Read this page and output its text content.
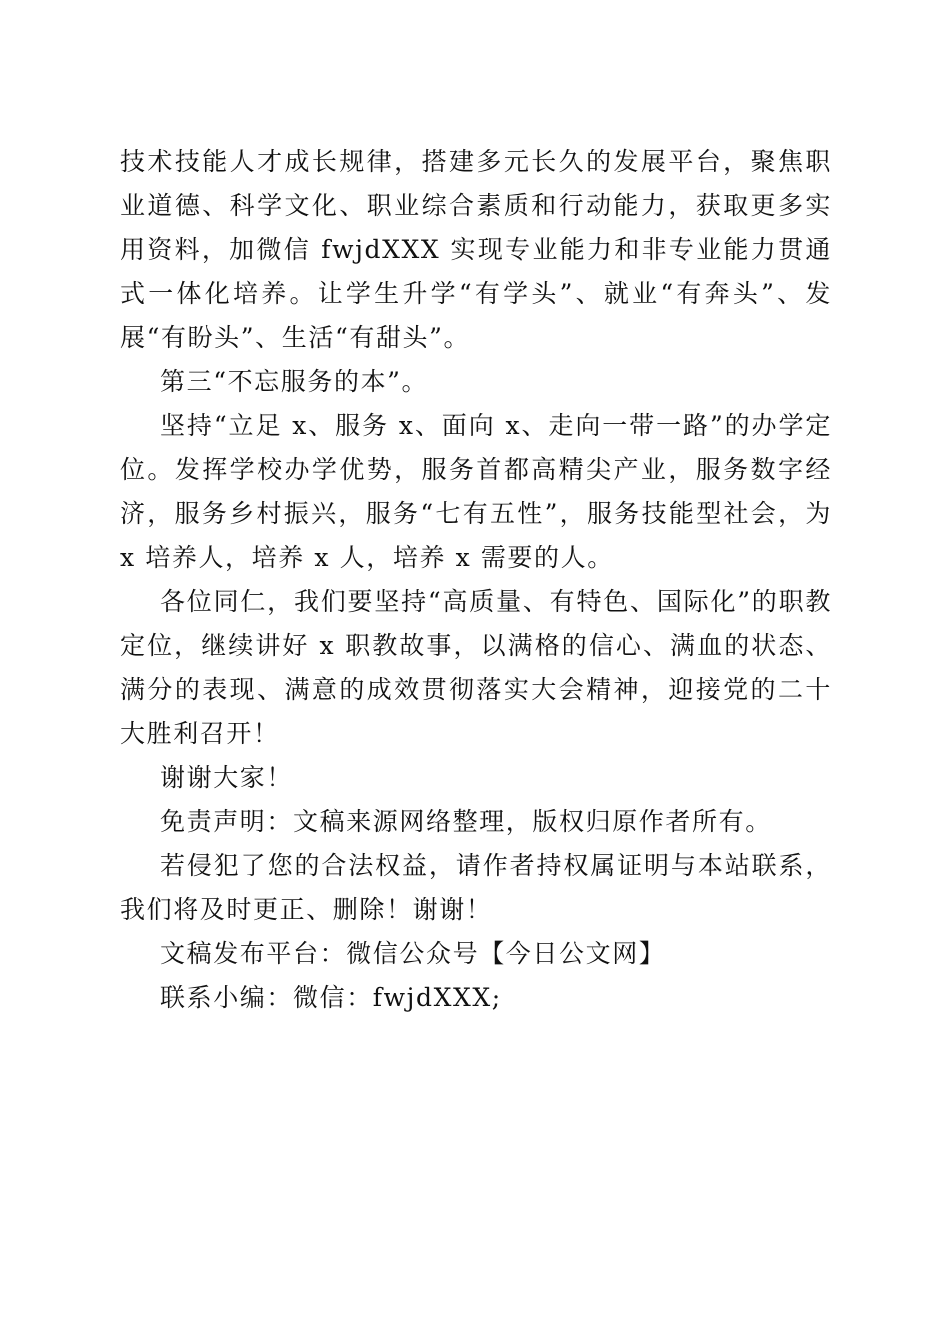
技术技能人才成长规律，搭建多元长久的发展平台，聚焦职业道德、科学文化、职业综合素质和行动能力，获取更多实用资料，加微信 fwjdXXX 实现专业能力和非专业能力贯通式一体化培养。让学生升学“有学头”、就业“有奔头”、发展“有盼头”、生活“有甜头”。

第三“不忘服务的本”。

坚持“立足 x、服务 x、面向 x、走向一带一路”的办学定位。发挥学校办学优势，服务首都高精尖产业，服务数字经济，服务乡村振兴，服务“七有五性”，服务技能型社会，为 x 培养人，培养 x 人，培养 x 需要的人。

各位同仁，我们要坚持“高质量、有特色、国际化”的职教定位，继续讲好 x 职教故事，以满格的信心、满血的状态、满分的表现、满意的成效贯彻落实大会精神，迎接党的二十大胜利召开！

谢谢大家！

免责声明：文稿来源网络整理，版权归原作者所有。

若侵犯了您的合法权益，请作者持权属证明与本站联系，我们将及时更正、删除！谢谢！

文稿发布平台：微信公众号【今日公文网】

联系小编：微信：fwjdXXX;
